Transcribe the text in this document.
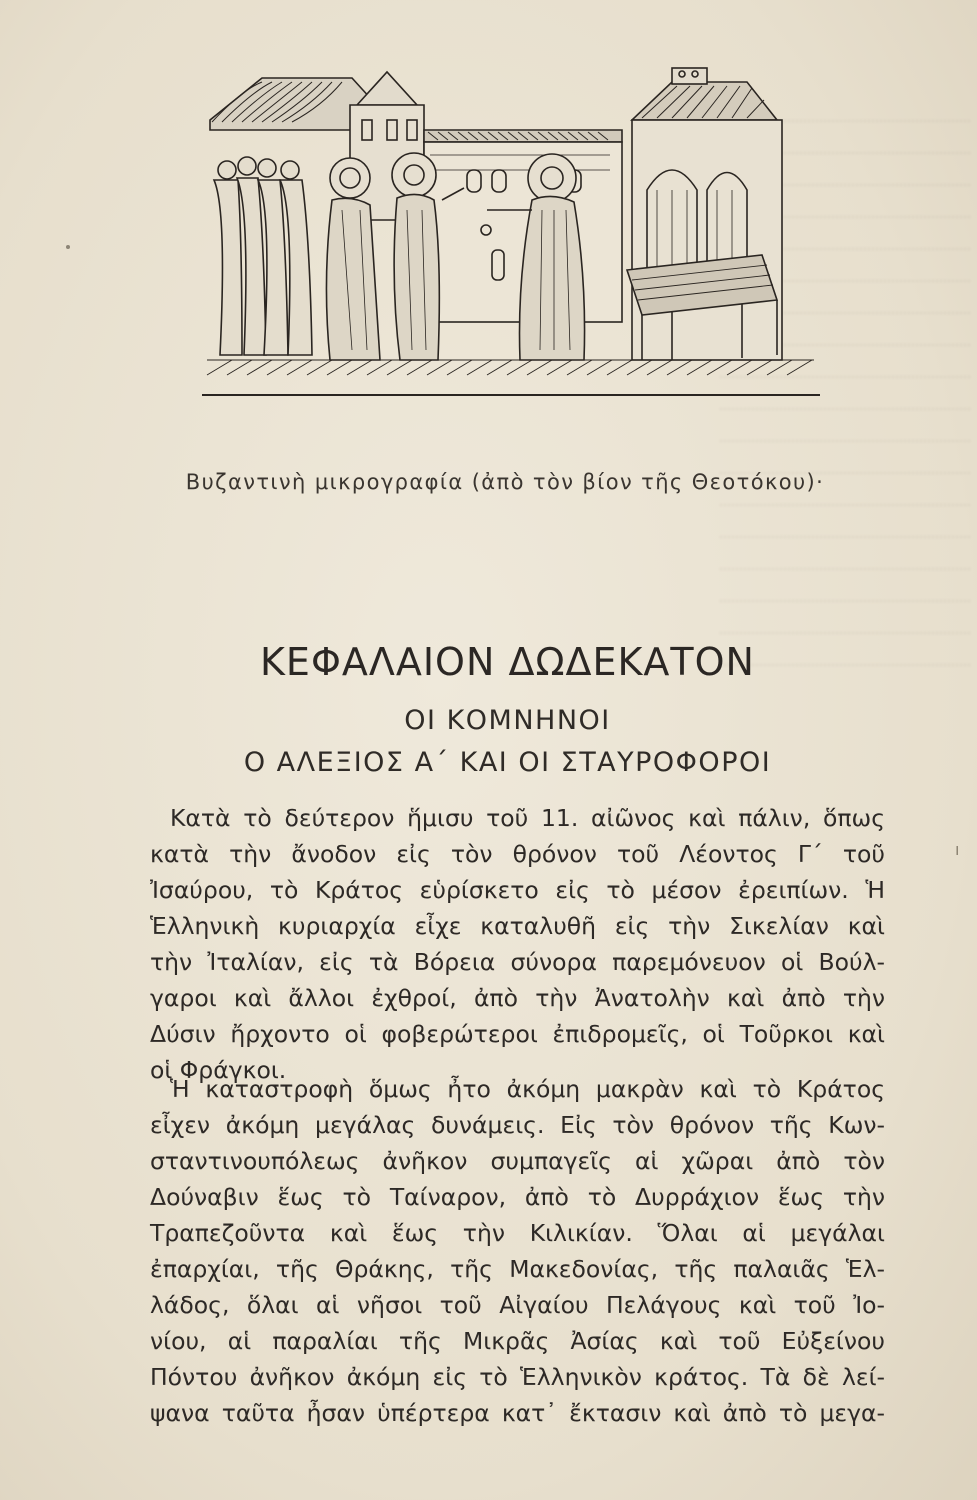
ı
Βυζαντινὴ μικρογραφία (ἀπὸ τὸν βίον τῆς Θεοτόκου)·
ΚΕΦΑΛΑΙΟΝ ΔΩΔΕΚΑΤΟΝ
ΟΙ ΚΟΜΝΗΝΟΙ
Ο ΑΛΕΞΙΟΣ Α΄ ΚΑΙ ΟΙ ΣΤΑΥΡΟΦΟΡΟΙ
Κατὰ τὸ δεύτερον ἥμισυ τοῦ 11. αἰῶνος καὶ πάλιν, ὅπως
κατὰ τὴν ἄνοδον εἰς τὸν θρόνον τοῦ Λέοντος Γ΄ τοῦ
Ἰσαύρου, τὸ Κράτος εὑρίσκετο εἰς τὸ μέσον ἐρειπίων. Ἡ
Ἑλληνικὴ κυριαρχία εἶχε καταλυθῆ εἰς τὴν Σικελίαν καὶ
τὴν Ἰταλίαν, εἰς τὰ Βόρεια σύνορα παρεμόνευον οἱ Βούλ-
γαροι καὶ ἄλλοι ἐχθροί, ἀπὸ τὴν Ἀνατολὴν καὶ ἀπὸ τὴν
Δύσιν ἤρχοντο οἱ φοβερώτεροι ἐπιδρομεῖς, οἱ Τοῦρκοι καὶ
οἱ Φράγκοι.
Ἡ καταστροφὴ ὅμως ἦτο ἀκόμη μακρὰν καὶ τὸ Κράτος
εἶχεν ἀκόμη μεγάλας δυνάμεις. Εἰς τὸν θρόνον τῆς Κων-
σταντινουπόλεως ἀνῆκον συμπαγεῖς αἱ χῶραι ἀπὸ τὸν
Δούναβιν ἕως τὸ Ταίναρον, ἀπὸ τὸ Δυρράχιον ἕως τὴν
Τραπεζοῦντα καὶ ἕως τὴν Κιλικίαν. Ὅλαι αἱ μεγάλαι
ἐπαρχίαι, τῆς Θράκης, τῆς Μακεδονίας, τῆς παλαιᾶς Ἑλ-
λάδος, ὅλαι αἱ νῆσοι τοῦ Αἰγαίου Πελάγους καὶ τοῦ Ἰο-
νίου, αἱ παραλίαι τῆς Μικρᾶς Ἀσίας καὶ τοῦ Εὐξείνου
Πόντου ἀνῆκον ἀκόμη εἰς τὸ Ἑλληνικὸν κράτος. Τὰ δὲ λεί-
ψανα ταῦτα ἦσαν ὑπέρτερα κατ᾿ ἔκτασιν καὶ ἀπὸ τὸ μεγα-
